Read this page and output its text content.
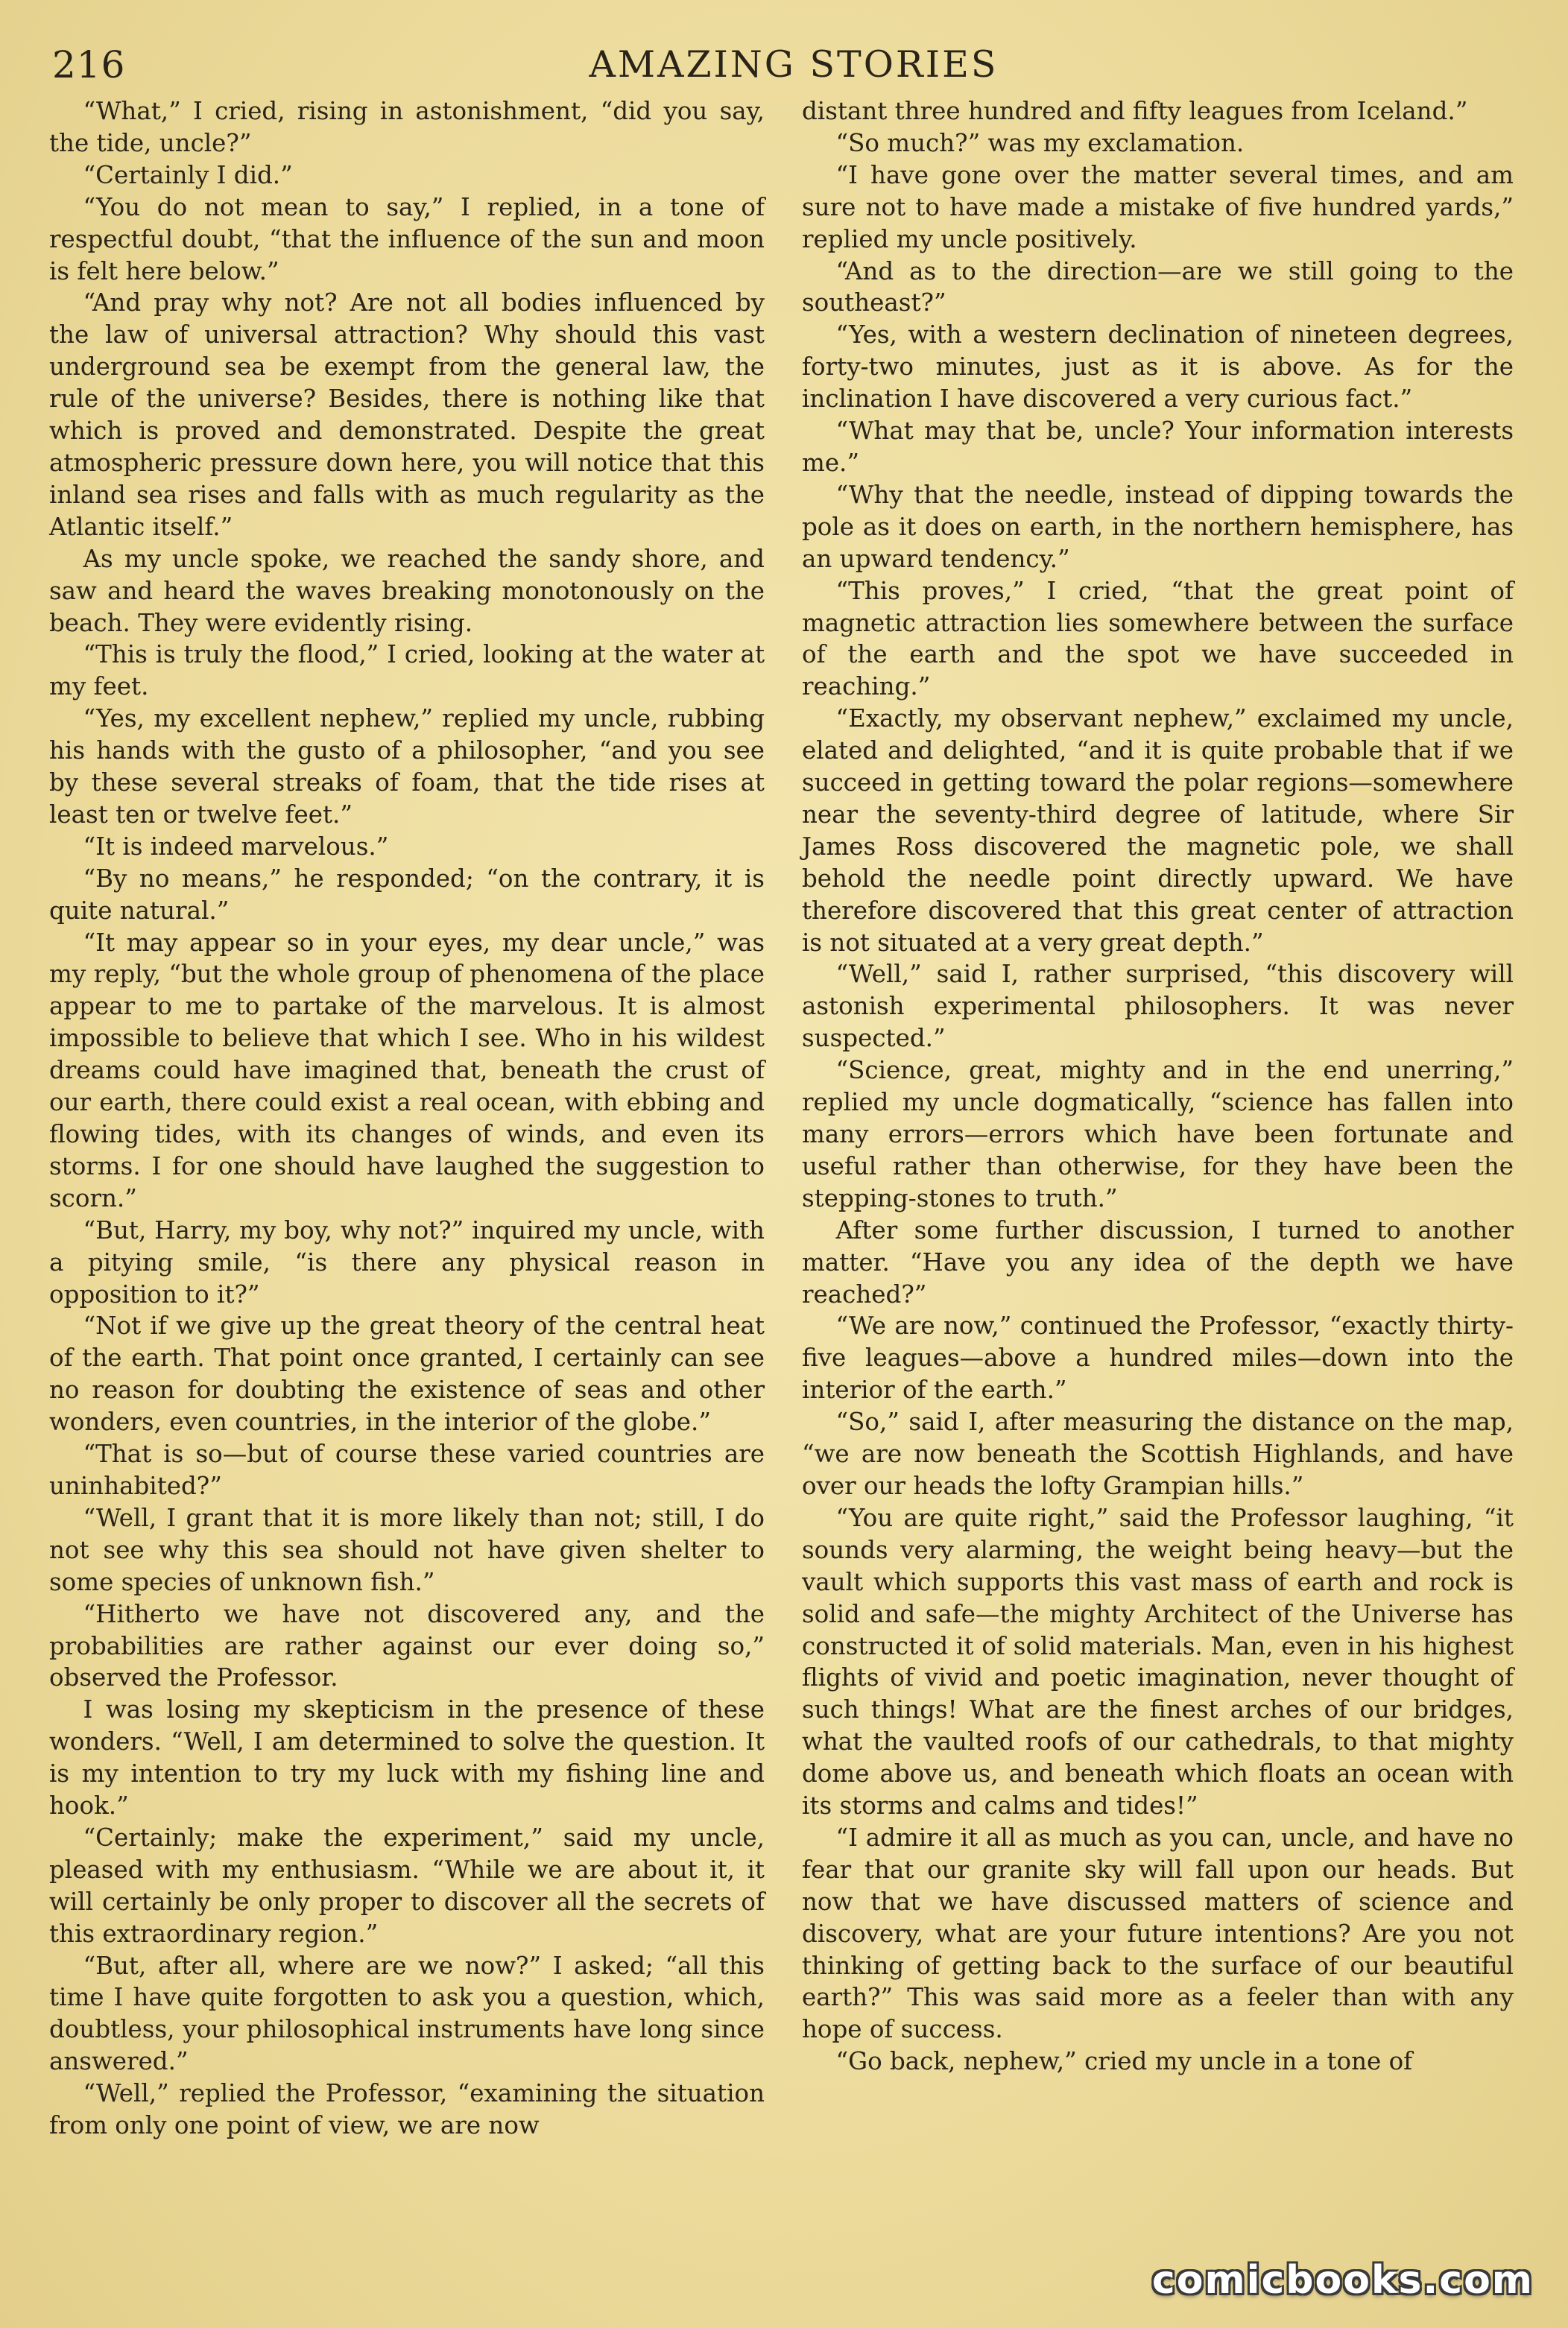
216	AMAZING STORIES

“What,” I cried, rising in astonishment, “did you say, the tide, uncle?”

“Certainly I did.”

“You do not mean to say,” I replied, in a tone of respectful doubt, “that the influence of the sun and moon is felt here below.”

“And pray why not? Are not all bodies influenced by the law of universal attraction? Why should this vast underground sea be exempt from the general law, the rule of the universe? Besides, there is nothing like that which is proved and demonstrated. Despite the great atmospheric pressure down here, you will notice that this inland sea rises and falls with as much regularity as the Atlantic itself.”

As my uncle spoke, we reached the sandy shore, and saw and heard the waves breaking monotonously on the beach. They were evidently rising.

“This is truly the flood,” I cried, looking at the water at my feet.

“Yes, my excellent nephew,” replied my uncle, rubbing his hands with the gusto of a philosopher, “and you see by these several streaks of foam, that the tide rises at least ten or twelve feet.”

“It is indeed marvelous.”

“By no means,” he responded; “on the contrary, it is quite natural.”

“It may appear so in your eyes, my dear uncle,” was my reply, “but the whole group of phenomena of the place appear to me to partake of the marvelous. It is almost impossible to believe that which I see. Who in his wildest dreams could have imagined that, beneath the crust of our earth, there could exist a real ocean, with ebbing and flowing tides, with its changes of winds, and even its storms. I for one should have laughed the suggestion to scorn.”

“But, Harry, my boy, why not?” inquired my uncle, with a pitying smile, “is there any physical reason in opposition to it?”

“Not if we give up the great theory of the central heat of the earth. That point once granted, I certainly can see no reason for doubting the existence of seas and other wonders, even countries, in the interior of the globe.”

“That is so—but of course these varied countries are uninhabited?”

“Well, I grant that it is more likely than not; still, I do not see why this sea should not have given shelter to some species of unknown fish.”

“Hitherto we have not discovered any, and the probabilities are rather against our ever doing so,” observed the Professor.

I was losing my skepticism in the presence of these wonders. “Well, I am determined to solve the question. It is my intention to try my luck with my fishing line and hook.”

“Certainly; make the experiment,” said my uncle, pleased with my enthusiasm. “While we are about it, it will certainly be only proper to discover all the secrets of this extraordinary region.”

“But, after all, where are we now?” I asked; “all this time I have quite forgotten to ask you a question, which, doubtless, your philosophical instruments have long since answered.”

“Well,” replied the Professor, “examining the situation from only one point of view, we are now

distant three hundred and fifty leagues from Iceland.”

“So much?” was my exclamation.

“I have gone over the matter several times, and am sure not to have made a mistake of five hundred yards,” replied my uncle positively.

“And as to the direction—are we still going to the southeast?”

“Yes, with a western declination of nineteen degrees, forty-two minutes, just as it is above. As for the inclination I have discovered a very curious fact.”

“What may that be, uncle? Your information interests me.”

“Why that the needle, instead of dipping towards the pole as it does on earth, in the northern hemisphere, has an upward tendency.”

“This proves,” I cried, “that the great point of magnetic attraction lies somewhere between the surface of the earth and the spot we have succeeded in reaching.”

“Exactly, my observant nephew,” exclaimed my uncle, elated and delighted, “and it is quite probable that if we succeed in getting toward the polar regions—somewhere near the seventy-third degree of latitude, where Sir James Ross discovered the magnetic pole, we shall behold the needle point directly upward. We have therefore discovered that this great center of attraction is not situated at a very great depth.”

“Well,” said I, rather surprised, “this discovery will astonish experimental philosophers. It was never suspected.”

“Science, great, mighty and in the end unerring,” replied my uncle dogmatically, “science has fallen into many errors—errors which have been fortunate and useful rather than otherwise, for they have been the stepping-stones to truth.”

After some further discussion, I turned to another matter. “Have you any idea of the depth we have reached?”

“We are now,” continued the Professor, “exactly thirty-five leagues—above a hundred miles—down into the interior of the earth.”

“So,” said I, after measuring the distance on the map, “we are now beneath the Scottish Highlands, and have over our heads the lofty Grampian hills.”

“You are quite right,” said the Professor laughing, “it sounds very alarming, the weight being heavy—but the vault which supports this vast mass of earth and rock is solid and safe—the mighty Architect of the Universe has constructed it of solid materials. Man, even in his highest flights of vivid and poetic imagination, never thought of such things! What are the finest arches of our bridges, what the vaulted roofs of our cathedrals, to that mighty dome above us, and beneath which floats an ocean with its storms and calms and tides!”

“I admire it all as much as you can, uncle, and have no fear that our granite sky will fall upon our heads. But now that we have discussed matters of science and discovery, what are your future intentions? Are you not thinking of getting back to the surface of our beautiful earth?” This was said more as a feeler than with any hope of success.

“Go back, nephew,” cried my uncle in a tone of

comicbooks.com
